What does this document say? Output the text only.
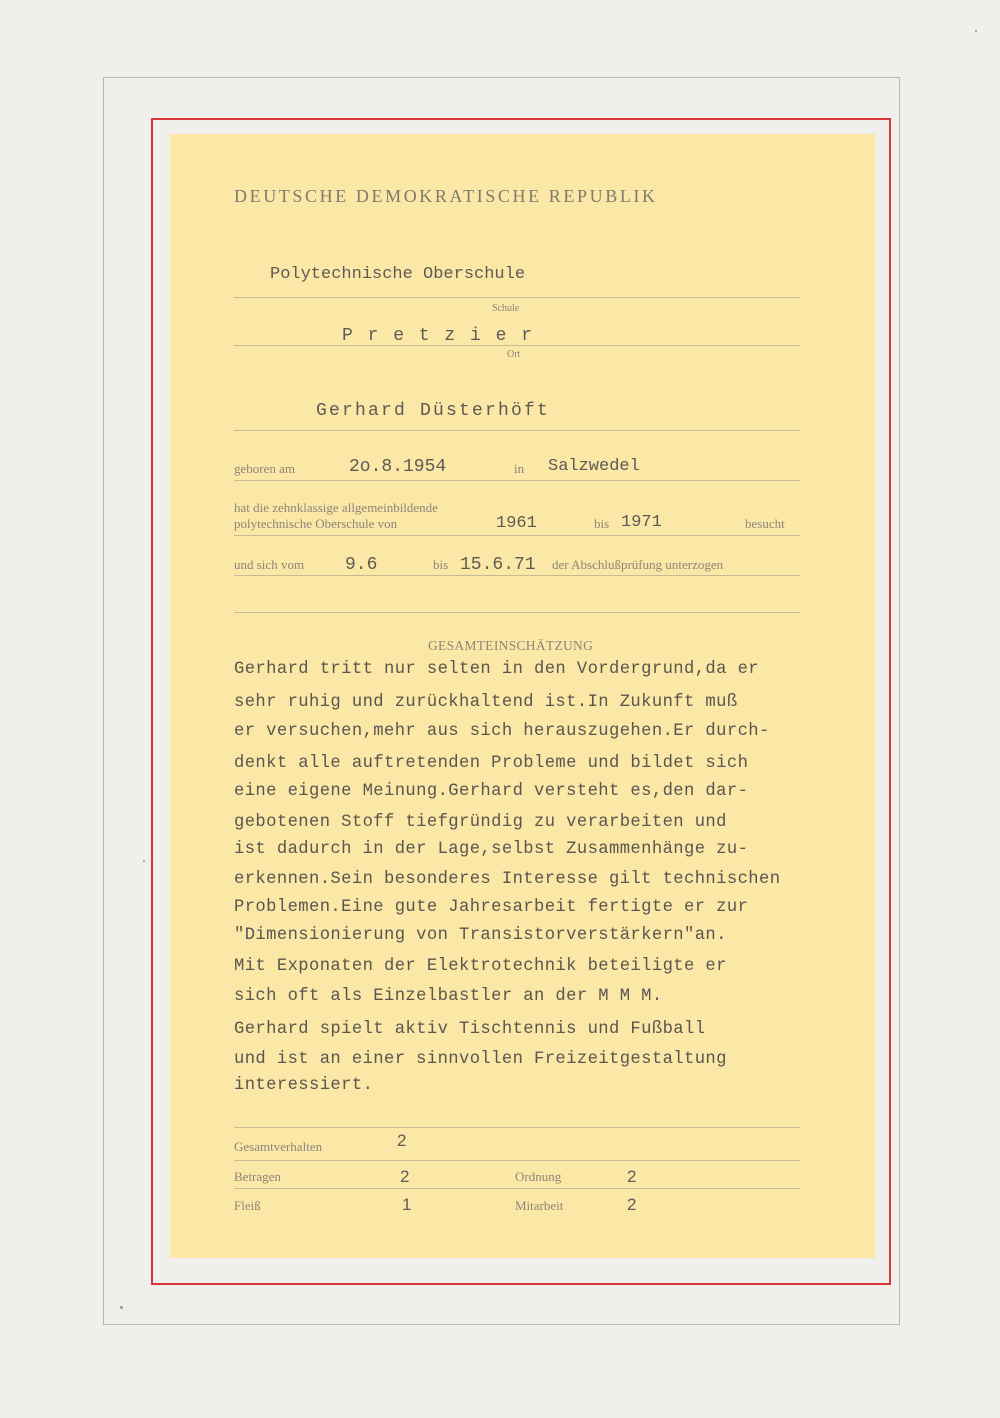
DEUTSCHE DEMOKRATISCHE REPUBLIK
Polytechnische Oberschule
Schule
P r e t z i e r
Ort
Gerhard Düsterhöft
geboren am	2o.8.1954	in Salzwedel
hat die zehnklassige allgemeinbildende
polytechnische Oberschule von	1961	bis 1971	besucht
und sich vom 9.6	bis 15.6.71 der Abschlußprüfung unterzogen
GESAMTEINSCHÄTZUNG
Gerhard tritt nur selten in den Vordergrund,da er
sehr ruhig und zurückhaltend ist.In Zukunft muß
er versuchen,mehr aus sich herauszugehen.Er durch-
denkt alle auftretenden Probleme und bildet sich
eine eigene Meinung.Gerhard versteht es,den dar-
gebotenen Stoff tiefgründig zu verarbeiten und
ist dadurch in der Lage,selbst Zusammenhänge zu-
erkennen.Sein besonderes Interesse gilt technischen
Problemen.Eine gute Jahresarbeit fertigte er zur
"Dimensionierung von Transistorverstärkern"an.
Mit Exponaten der Elektrotechnik beteiligte er
sich oft als Einzelbastler an der M M M.
Gerhard spielt aktiv Tischtennis und Fußball
und ist an einer sinnvollen Freizeitgestaltung
interessiert.
Gesamtverhalten	2
Betragen	2	Ordnung	2
Fleiß	1	Mitarbeit	2
